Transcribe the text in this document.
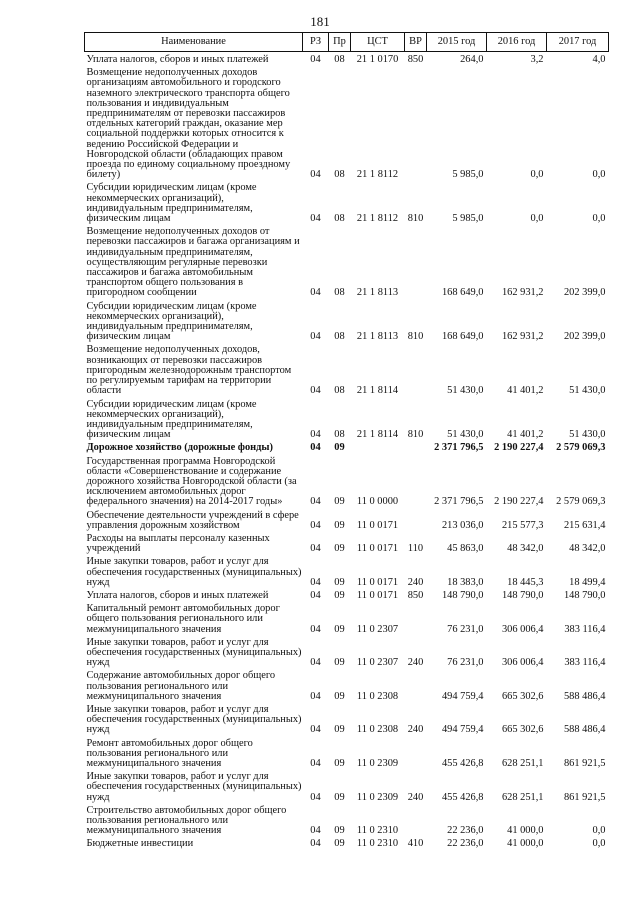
181
Наименование	РЗ	Пр	ЦСТ	ВР	2015 год	2016 год	2017 год
Уплата налогов, сборов и иных платежей	04	08	21 1 0170	850	264,0	3,2	4,0
Возмещение недополученных доходов организациям автомобильного и городского наземного электрического транспорта общего пользования и индивидуальным предпринимателям от перевозки пассажиров отдельных категорий граждан, оказание мер социальной поддержки которых относится к ведению Российской Федерации и Новгородской области (обладающих правом проезда по единому социальному проездному билету)	04	08	21 1 8112		5 985,0	0,0	0,0
Субсидии юридическим лицам (кроме некоммерческих организаций), индивидуальным предпринимателям, физическим лицам	04	08	21 1 8112	810	5 985,0	0,0	0,0
Возмещение недополученных доходов от перевозки пассажиров и багажа организациям и индивидуальным предпринимателям, осуществляющим регулярные перевозки пассажиров и багажа автомобильным транспортом общего пользования в пригородном сообщении	04	08	21 1 8113		168 649,0	162 931,2	202 399,0
Субсидии юридическим лицам (кроме некоммерческих организаций), индивидуальным предпринимателям, физическим лицам	04	08	21 1 8113	810	168 649,0	162 931,2	202 399,0
Возмещение недополученных доходов, возникающих от перевозки пассажиров пригородным железнодорожным транспортом по регулируемым тарифам на территории области	04	08	21 1 8114		51 430,0	41 401,2	51 430,0
Субсидии юридическим лицам (кроме некоммерческих организаций), индивидуальным предпринимателям, физическим лицам	04	08	21 1 8114	810	51 430,0	41 401,2	51 430,0
Дорожное хозяйство (дорожные фонды)	04	09			2 371 796,5	2 190 227,4	2 579 069,3
Государственная программа Новгородской области «Совершенствование и содержание дорожного хозяйства Новгородской области (за исключением автомобильных дорог федерального значения) на 2014-2017 годы»	04	09	11 0 0000		2 371 796,5	2 190 227,4	2 579 069,3
Обеспечение деятельности учреждений в сфере управления дорожным хозяйством	04	09	11 0 0171		213 036,0	215 577,3	215 631,4
Расходы на выплаты персоналу казенных учреждений	04	09	11 0 0171	110	45 863,0	48 342,0	48 342,0
Иные закупки товаров, работ и услуг для обеспечения государственных (муниципальных) нужд	04	09	11 0 0171	240	18 383,0	18 445,3	18 499,4
Уплата налогов, сборов и иных платежей	04	09	11 0 0171	850	148 790,0	148 790,0	148 790,0
Капитальный ремонт автомобильных дорог общего пользования регионального или межмуниципального значения	04	09	11 0 2307		76 231,0	306 006,4	383 116,4
Иные закупки товаров, работ и услуг для обеспечения государственных (муниципальных) нужд	04	09	11 0 2307	240	76 231,0	306 006,4	383 116,4
Содержание автомобильных дорог общего пользования регионального или межмуниципального значения	04	09	11 0 2308		494 759,4	665 302,6	588 486,4
Иные закупки товаров, работ и услуг для обеспечения государственных (муниципальных) нужд	04	09	11 0 2308	240	494 759,4	665 302,6	588 486,4
Ремонт автомобильных дорог общего пользования регионального или межмуниципального значения	04	09	11 0 2309		455 426,8	628 251,1	861 921,5
Иные закупки товаров, работ и услуг для обеспечения государственных (муниципальных) нужд	04	09	11 0 2309	240	455 426,8	628 251,1	861 921,5
Строительство автомобильных дорог общего пользования регионального или межмуниципального значения	04	09	11 0 2310		22 236,0	41 000,0	0,0
Бюджетные инвестиции	04	09	11 0 2310	410	22 236,0	41 000,0	0,0
